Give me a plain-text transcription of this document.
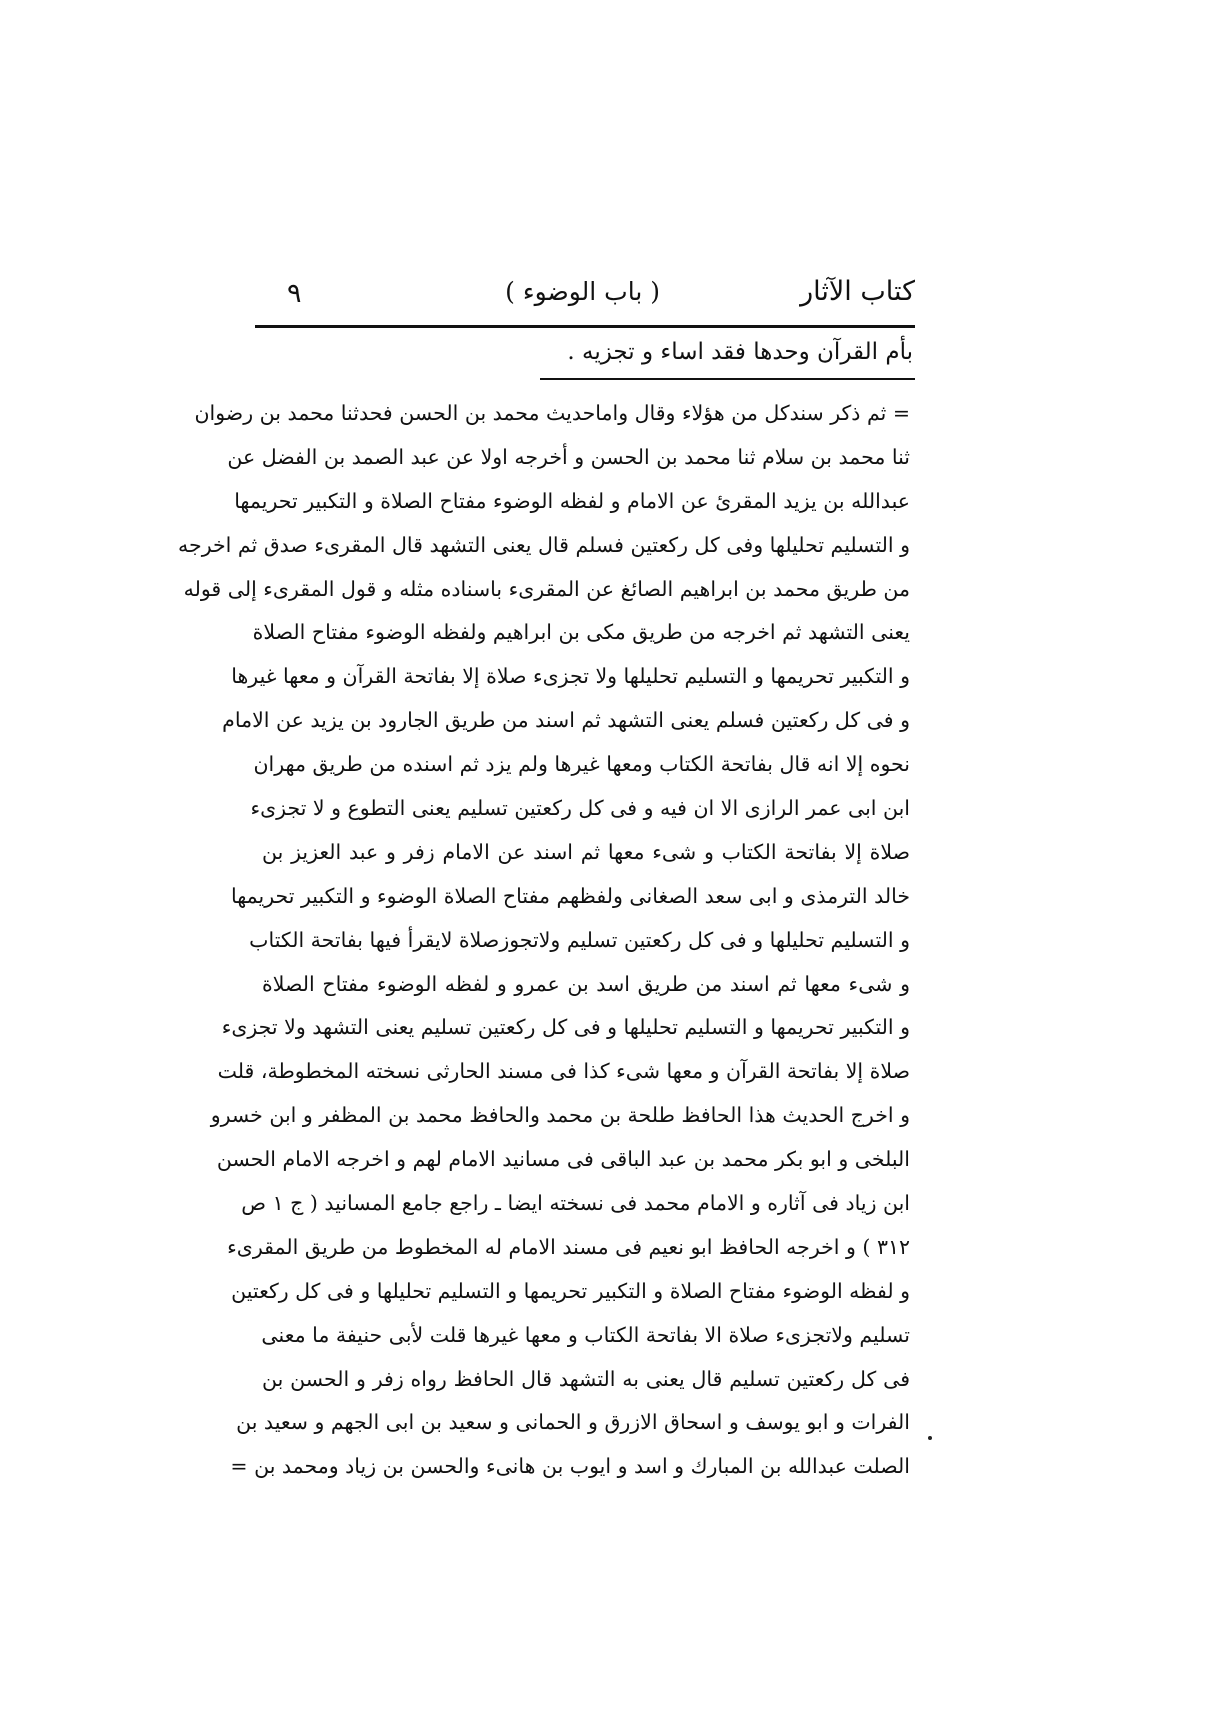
كتاب الآثار
( باب الوضوء )
٩
بأم القرآن وحدها فقد اساء و تجزيه .
= ثم ذكر سندكل من هؤلاء وقال واماحديث محمد بن الحسن فحدثنا محمد بن رضوان
ثنا محمد بن سلام ثنا محمد بن الحسن و أخرجه اولا عن عبد الصمد بن الفضل عن
عبدالله بن يزيد المقرئ عن الامام و لفظه الوضوء مفتاح الصلاة و التكبير تحريمها
و التسليم تحليلها وفى كل ركعتين فسلم قال يعنى التشهد قال المقرىء صدق ثم اخرجه
من طريق محمد بن ابراهيم الصائغ عن المقرىء باسناده مثله و قول المقرىء إلى قوله
يعنى التشهد ثم اخرجه من طريق مكى بن ابراهيم ولفظه الوضوء مفتاح الصلاة
و التكبير تحريمها و التسليم تحليلها ولا تجزىء صلاة إلا بفاتحة القرآن و معها غيرها
و فى كل ركعتين فسلم يعنى التشهد ثم اسند من طريق الجارود بن يزيد عن الامام
نحوه إلا انه قال بفاتحة الكتاب ومعها غيرها ولم يزد ثم اسنده من طريق مهران
ابن ابى عمر الرازى الا ان فيه و فى كل ركعتين تسليم يعنى التطوع و لا تجزىء
صلاة إلا بفاتحة الكتاب و شىء معها ثم اسند عن الامام زفر و عبد العزيز بن
خالد الترمذى و ابى سعد الصغانى ولفظهم مفتاح الصلاة الوضوء و التكبير تحريمها
و التسليم تحليلها و فى كل ركعتين تسليم ولاتجوزصلاة لايقرأ فيها بفاتحة الكتاب
و شىء معها ثم اسند من طريق اسد بن عمرو و لفظه الوضوء مفتاح الصلاة
و التكبير تحريمها و التسليم تحليلها و فى كل ركعتين تسليم يعنى التشهد ولا تجزىء
صلاة إلا بفاتحة القرآن و معها شىء كذا فى مسند الحارثى نسخته المخطوطة، قلت
و اخرج الحديث هذا الحافظ طلحة بن محمد والحافظ محمد بن المظفر و ابن خسرو
البلخى و ابو بكر محمد بن عبد الباقى فى مسانيد الامام لهم و اخرجه الامام الحسن
ابن زياد فى آثاره و الامام محمد فى نسخته ايضا ـ راجع جامع المسانيد ( ج ١ ص
٣١٢ ) و اخرجه الحافظ ابو نعيم فى مسند الامام له المخطوط من طريق المقرىء
و لفظه الوضوء مفتاح الصلاة و التكبير تحريمها و التسليم تحليلها و فى كل ركعتين
تسليم ولاتجزىء صلاة الا بفاتحة الكتاب و معها غيرها قلت لأبى حنيفة ما معنى
فى كل ركعتين تسليم قال يعنى به التشهد قال الحافظ رواه زفر و الحسن بن
الفرات و ابو يوسف و اسحاق الازرق و الحمانى و سعيد بن ابى الجهم و سعيد بن
الصلت عبدالله بن المبارك و اسد و ايوب بن هانىء والحسن بن زياد ومحمد بن =
